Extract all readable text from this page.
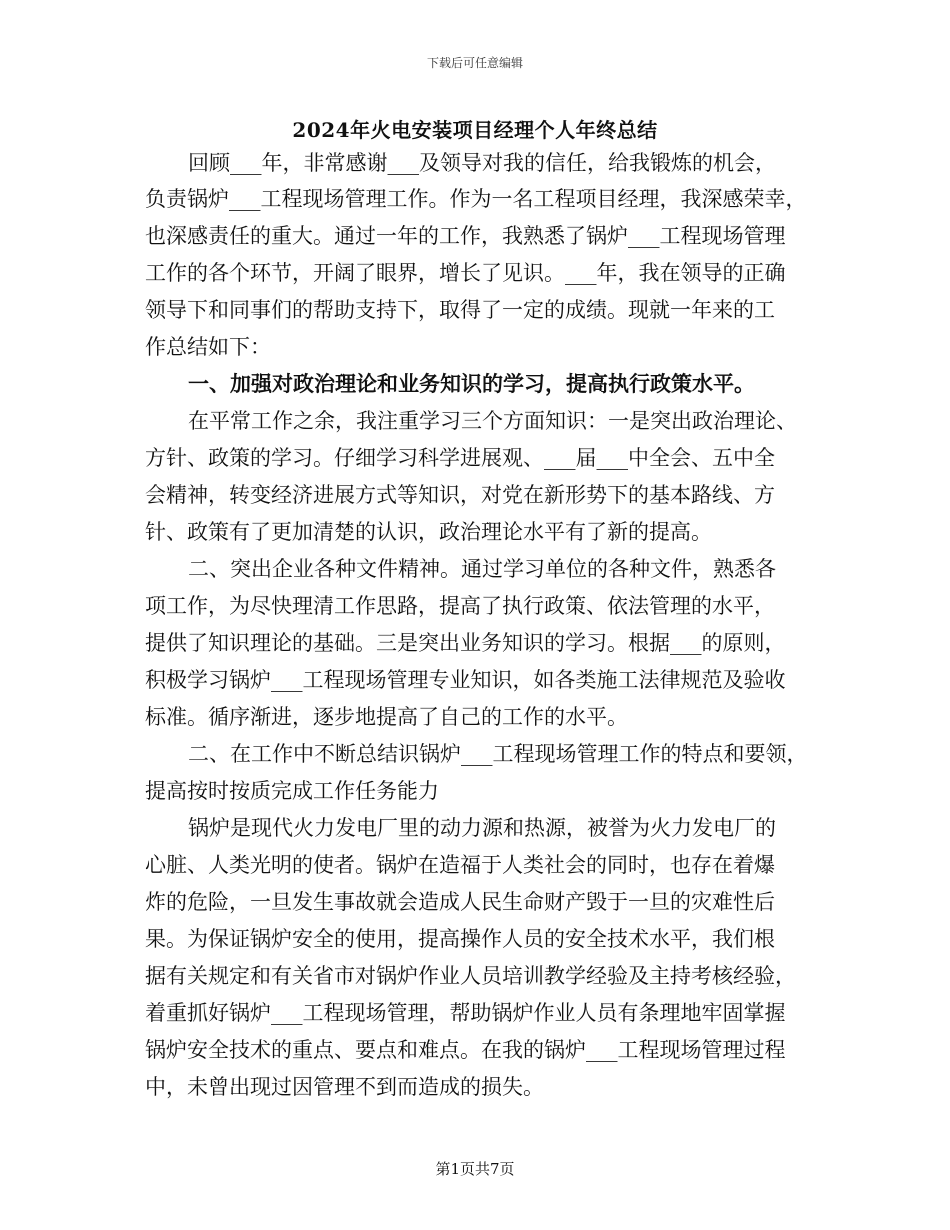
下载后可任意编辑
2024年火电安装项目经理个人年终总结
回顾___年，非常感谢___及领导对我的信任，给我锻炼的机会，
负责锅炉___工程现场管理工作。作为一名工程项目经理，我深感荣幸，
也深感责任的重大。通过一年的工作，我熟悉了锅炉___工程现场管理
工作的各个环节，开阔了眼界，增长了见识。___年，我在领导的正确
领导下和同事们的帮助支持下，取得了一定的成绩。现就一年来的工
作总结如下：
一、加强对政治理论和业务知识的学习，提高执行政策水平。
在平常工作之余，我注重学习三个方面知识：一是突出政治理论、
方针、政策的学习。仔细学习科学进展观、___届___中全会、五中全
会精神，转变经济进展方式等知识，对党在新形势下的基本路线、方
针、政策有了更加清楚的认识，政治理论水平有了新的提高。
二、突出企业各种文件精神。通过学习单位的各种文件，熟悉各
项工作，为尽快理清工作思路，提高了执行政策、依法管理的水平，
提供了知识理论的基础。三是突出业务知识的学习。根据___的原则，
积极学习锅炉___工程现场管理专业知识，如各类施工法律规范及验收
标准。循序渐进，逐步地提高了自己的工作的水平。
二、在工作中不断总结识锅炉___工程现场管理工作的特点和要领，
提高按时按质完成工作任务能力
锅炉是现代火力发电厂里的动力源和热源，被誉为火力发电厂的
心脏、人类光明的使者。锅炉在造福于人类社会的同时，也存在着爆
炸的危险，一旦发生事故就会造成人民生命财产毁于一旦的灾难性后
果。为保证锅炉安全的使用，提高操作人员的安全技术水平，我们根
据有关规定和有关省市对锅炉作业人员培训教学经验及主持考核经验，
着重抓好锅炉___工程现场管理，帮助锅炉作业人员有条理地牢固掌握
锅炉安全技术的重点、要点和难点。在我的锅炉___工程现场管理过程
中，未曾出现过因管理不到而造成的损失。
第1页共7页
